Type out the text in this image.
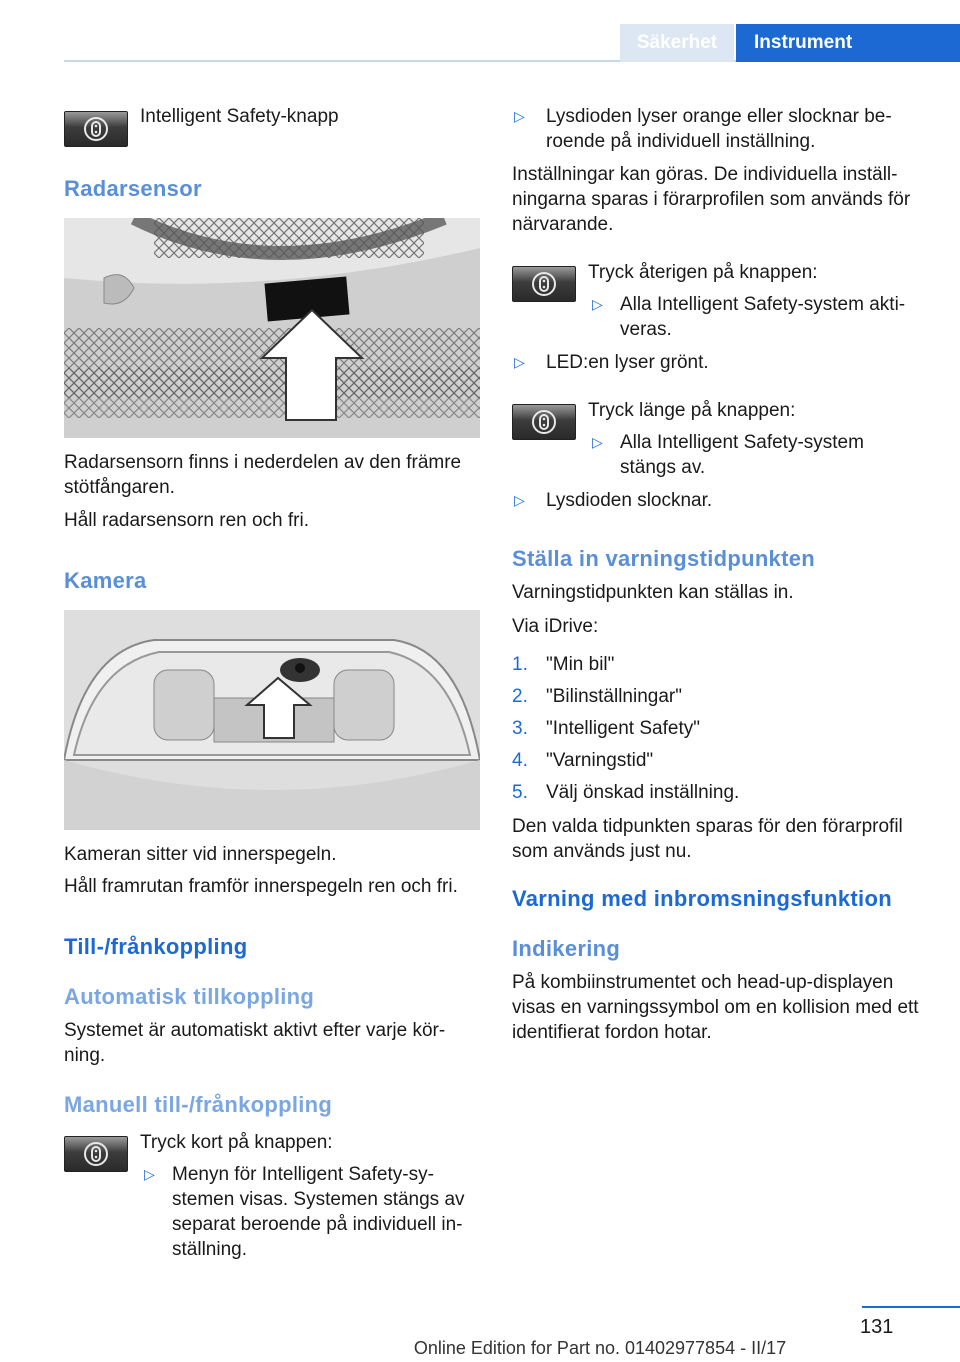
Säkerhet	Instrument
Intelligent Safety-knapp
Radarsensor
Radarsensorn finns i nederdelen av den främre stötfångaren.
Håll radarsensorn ren och fri.
Kamera
Kameran sitter vid innerspegeln.
Håll framrutan framför innerspegeln ren och fri.
Till-/frånkoppling
Automatisk tillkoppling
Systemet är automatiskt aktivt efter varje körning.
Manuell till-/frånkoppling
Tryck kort på knappen:
▷ Menyn för Intelligent Safety-systemen visas. Systemen stängs av separat beroende på individuell inställning.
▷ Lysdioden lyser orange eller slocknar beroende på individuell inställning.
Inställningar kan göras. De individuella inställningarna sparas i förarprofilen som används för närvarande.
Tryck återigen på knappen:
▷ Alla Intelligent Safety-system aktiveras.
▷ LED:en lyser grönt.
Tryck länge på knappen:
▷ Alla Intelligent Safety-system stängs av.
▷ Lysdioden slocknar.
Ställa in varningstidpunkten
Varningstidpunkten kan ställas in.
Via iDrive:
1. "Min bil"
2. "Bilinställningar"
3. "Intelligent Safety"
4. "Varningstid"
5. Välj önskad inställning.
Den valda tidpunkten sparas för den förarprofil som används just nu.
Varning med inbromsningsfunktion
Indikering
På kombiinstrumentet och head-up-displayen visas en varningssymbol om en kollision med ett identifierat fordon hotar.
131
Online Edition for Part no. 01402977854 - II/17
